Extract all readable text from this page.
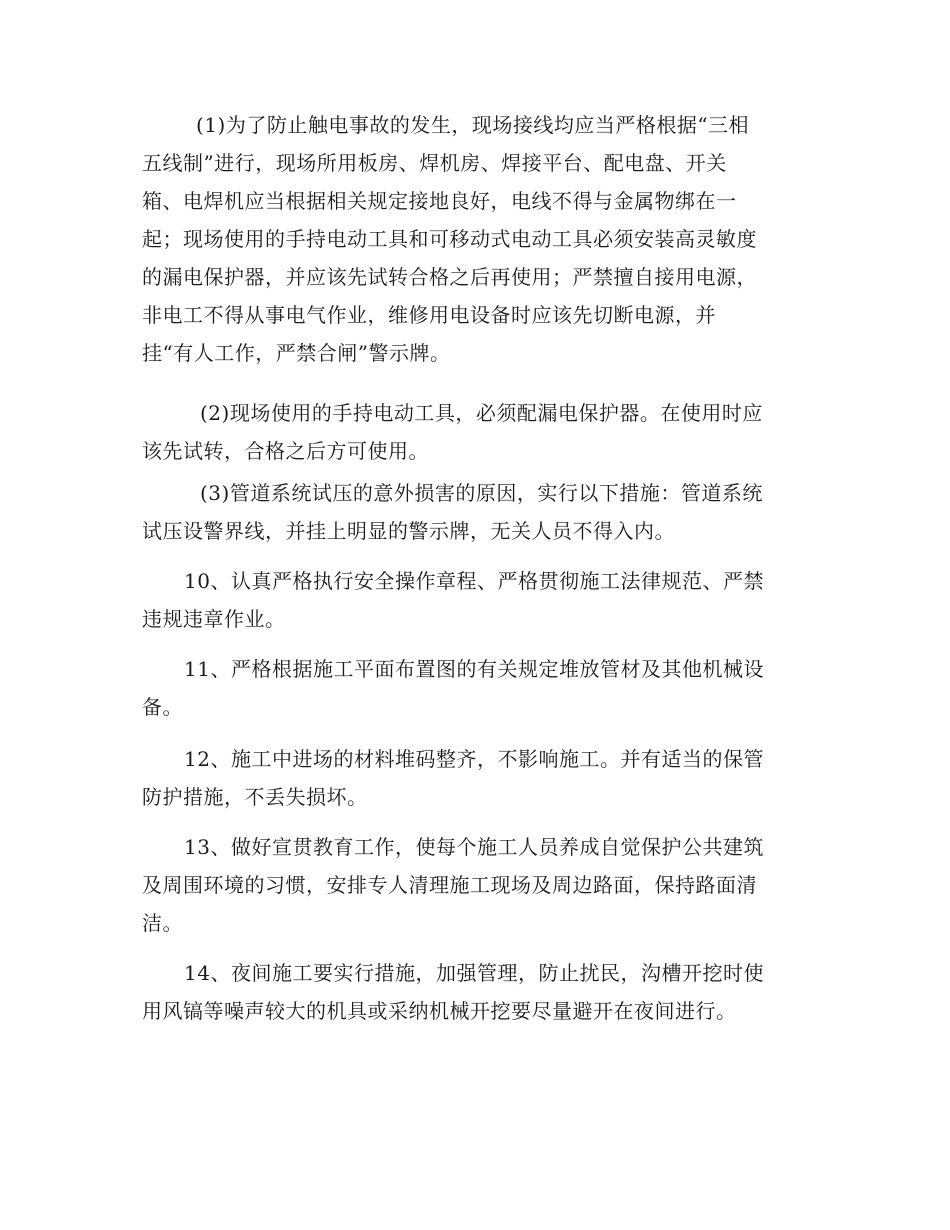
(1)为了防止触电事故的发生，现场接线均应当严格根据“三相
五线制”进行，现场所用板房、焊机房、焊接平台、配电盘、开关
箱、电焊机应当根据相关规定接地良好，电线不得与金属物绑在一
起；现场使用的手持电动工具和可移动式电动工具必须安装高灵敏度
的漏电保护器，并应该先试转合格之后再使用；严禁擅自接用电源，
非电工不得从事电气作业，维修用电设备时应该先切断电源，并
挂“有人工作，严禁合闸”警示牌。
(2)现场使用的手持电动工具，必须配漏电保护器。在使用时应
该先试转，合格之后方可使用。
(3)管道系统试压的意外损害的原因，实行以下措施：管道系统
试压设警界线，并挂上明显的警示牌，无关人员不得入内。
10、认真严格执行安全操作章程、严格贯彻施工法律规范、严禁
违规违章作业。
11、严格根据施工平面布置图的有关规定堆放管材及其他机械设
备。
12、施工中进场的材料堆码整齐，不影响施工。并有适当的保管
防护措施，不丢失损坏。
13、做好宣贯教育工作，使每个施工人员养成自觉保护公共建筑
及周围环境的习惯，安排专人清理施工现场及周边路面，保持路面清
洁。
14、夜间施工要实行措施，加强管理，防止扰民，沟槽开挖时使
用风镐等噪声较大的机具或采纳机械开挖要尽量避开在夜间进行。
